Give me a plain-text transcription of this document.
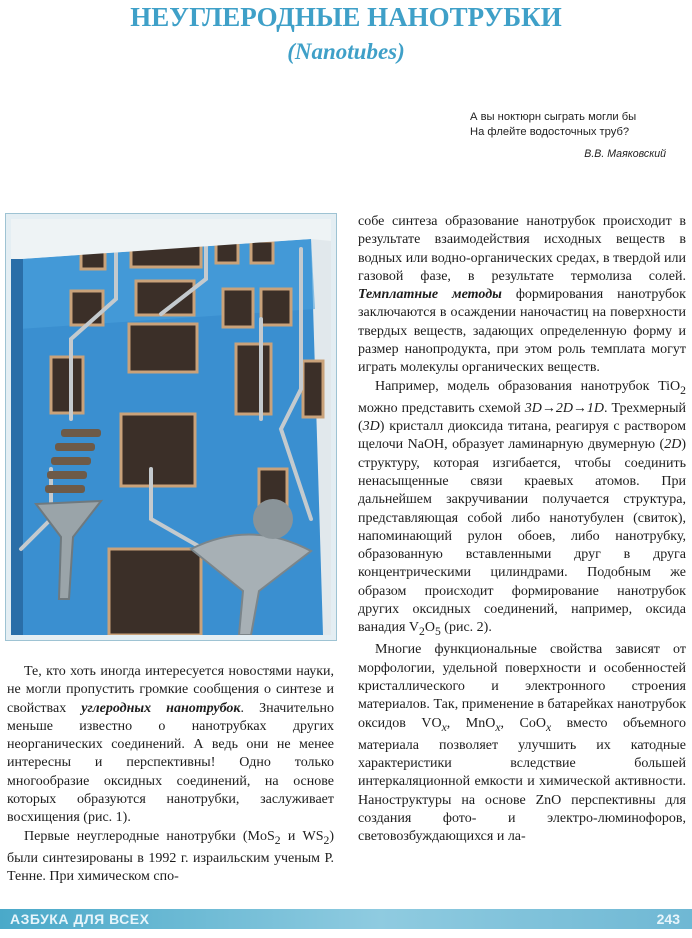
НЕУГЛЕРОДНЫЕ НАНОТРУБКИ
(Nanotubes)
А вы ноктюрн сыграть могли бы
На флейте водосточных труб?
В.В. Маяковский

Те, кто хоть иногда интересуется новостями науки, не могли пропустить громкие сообщения о синтезе и свойствах углеродных нанотрубок. Значительно меньше известно о нанотрубках других неорганических соединений. А ведь они не менее интересны и перспективны! Одно только многообразие оксидных соединений, на основе которых образуются нанотрубки, заслуживает восхищения (рис. 1).

Первые неуглеродные нанотрубки (MoS$_2$ и $WS_2$) были синтезированы в 1992 г. израильским ученым Р. Тенне. При химическом спо-

собе синтеза образование нанотрубок происходит в результате взаимодействия исходных веществ в водных или водно-органических средах, в твердой или газовой фазе, в результате термолиза солей. Темплатные методы формирования нанотрубок заключаются в осаждении наночастиц на поверхности твердых веществ, задающих определенную форму и размер нанопродукта, при этом роль темплата могут играть молекулы органических веществ.

Например, модель образования нанотрубок TiO$_2$ можно представить схемой 3D→2D→1D. Трехмерный (3D) кристалл диоксида титана, реагируя с раствором щелочи NaOH, образует ламинарную двумерную (2D) структуру, которая изгибается, чтобы соединить ненасыщенные связи краевых атомов. При дальнейшем закручивании получается структура, представляющая собой либо нанотубулен (свиток), напоминающий рулон обоев, либо нанотрубку, образованную вставленными друг в друга концентрическими цилиндрами. Подобным же образом происходит формирование нанотрубок других оксидных соединений, например, оксида ванадия $V_2O_5$ (рис. 2).

Многие функциональные свойства зависят от морфологии, удельной поверхности и особенностей кристаллического и электронного строения материалов. Так, применение в батарейках нанотрубок оксидов $VO_x$, MnO$_x$, CoO$_x$ вместо объемного материала позволяет улучшить их катодные характеристики вследствие большей интеркаляционной емкости и химической активности. Наноструктуры на основе ZnO перспективны для создания фото- и электро-люминофоров, световозбуждающихся и ла-

АЗБУКА ДЛЯ ВСЕХ	243
